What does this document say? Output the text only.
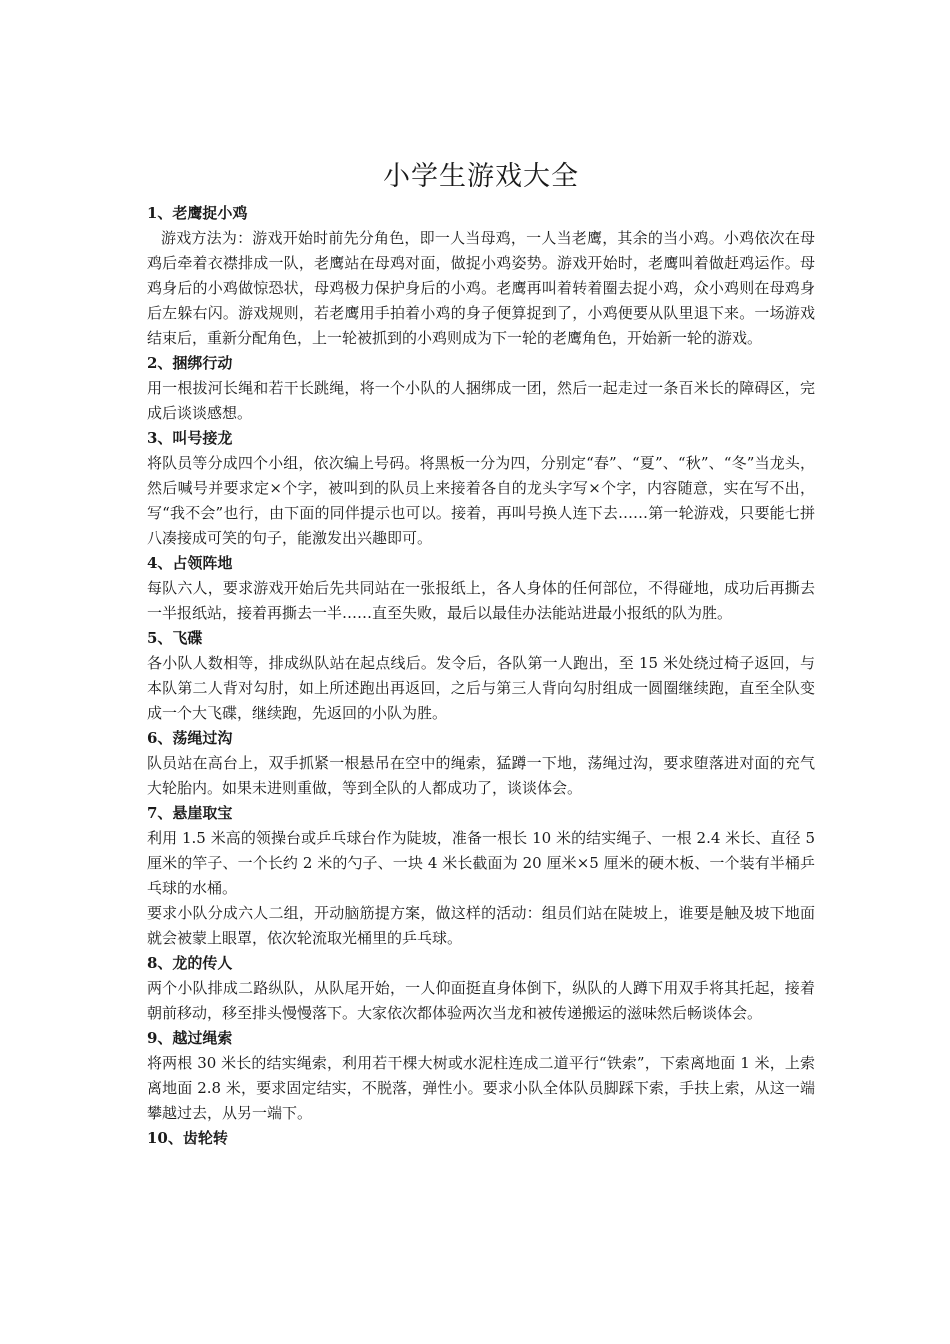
小学生游戏大全
1、老鹰捉小鸡

游戏方法为：游戏开始时前先分角色，即一人当母鸡，一人当老鹰，其余的当小鸡。小鸡依次在母鸡后牵着衣襟排成一队，老鹰站在母鸡对面，做捉小鸡姿势。游戏开始时，老鹰叫着做赶鸡运作。母鸡身后的小鸡做惊恐状，母鸡极力保护身后的小鸡。老鹰再叫着转着圈去捉小鸡，众小鸡则在母鸡身后左躲右闪。游戏规则，若老鹰用手拍着小鸡的身子便算捉到了，小鸡便要从队里退下来。一场游戏结束后，重新分配角色，上一轮被抓到的小鸡则成为下一轮的老鹰角色，开始新一轮的游戏。

2、捆绑行动

用一根拔河长绳和若干长跳绳，将一个小队的人捆绑成一团，然后一起走过一条百米长的障碍区，完成后谈谈感想。

3、叫号接龙

将队员等分成四个小组，依次编上号码。将黑板一分为四，分别定“春”、“夏”、“秋”、“冬”当龙头，然后喊号并要求定×个字，被叫到的队员上来接着各自的龙头字写×个字，内容随意，实在写不出，写“我不会”也行，由下面的同伴提示也可以。接着，再叫号换人连下去……第一轮游戏，只要能七拼八凑接成可笑的句子，能激发出兴趣即可。

4、占领阵地

每队六人，要求游戏开始后先共同站在一张报纸上，各人身体的任何部位，不得碰地，成功后再撕去一半报纸站，接着再撕去一半……直至失败，最后以最佳办法能站进最小报纸的队为胜。

5、飞碟

各小队人数相等，排成纵队站在起点线后。发令后，各队第一人跑出，至 15 米处绕过椅子返回，与本队第二人背对勾肘，如上所述跑出再返回，之后与第三人背向勾肘组成一圆圈继续跑，直至全队变成一个大飞碟，继续跑，先返回的小队为胜。

6、荡绳过沟

队员站在高台上，双手抓紧一根悬吊在空中的绳索，猛蹲一下地，荡绳过沟，要求堕落进对面的充气大轮胎内。如果未进则重做，等到全队的人都成功了，谈谈体会。

7、悬崖取宝

利用 1.5 米高的领操台或乒乓球台作为陡坡，准备一根长 10 米的结实绳子、一根 2.4 米长、直径 5 厘米的竿子、一个长约 2 米的勺子、一块 4 米长截面为 20 厘米×5 厘米的硬木板、一个装有半桶乒乓球的水桶。

要求小队分成六人二组，开动脑筋提方案，做这样的活动：组员们站在陡坡上，谁要是触及坡下地面就会被蒙上眼罩，依次轮流取光桶里的乒乓球。

8、龙的传人

两个小队排成二路纵队，从队尾开始，一人仰面挺直身体倒下，纵队的人蹲下用双手将其托起，接着朝前移动，移至排头慢慢落下。大家依次都体验两次当龙和被传递搬运的滋味然后畅谈体会。

9、越过绳索

将两根 30 米长的结实绳索，利用若干棵大树或水泥柱连成二道平行“铁索”，下索离地面 1 米，上索离地面 2.8 米，要求固定结实，不脱落，弹性小。要求小队全体队员脚踩下索，手扶上索，从这一端攀越过去，从另一端下。

10、齿轮转
